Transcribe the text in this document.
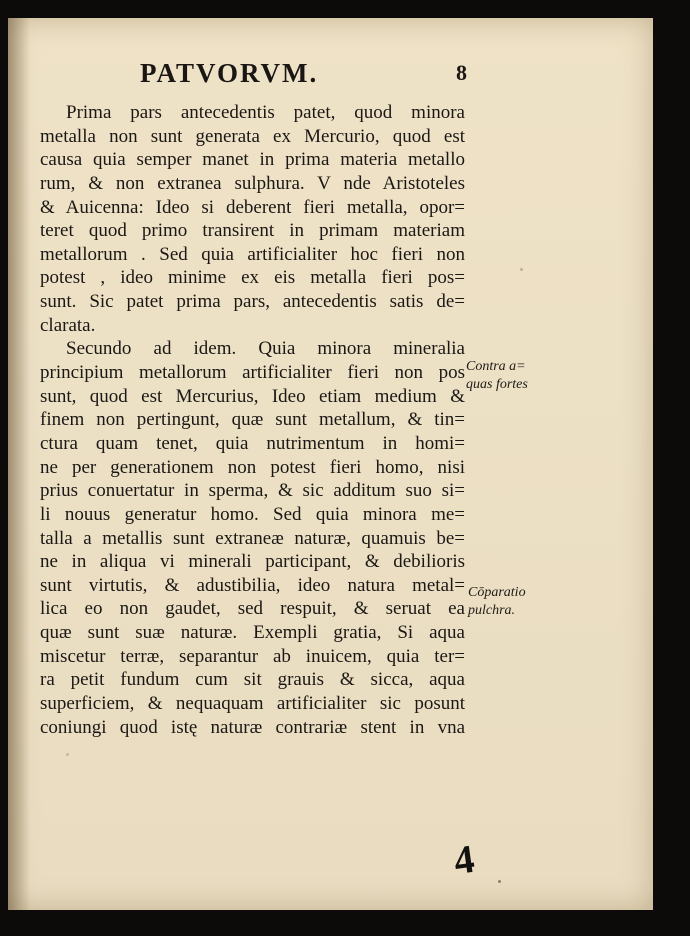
PATVORVM.	8
Prima pars antecedentis patet, quod minora
metalla non sunt generata ex Mercurio, quod est
causa quia semper manet in prima materia metallo
rum, & non extranea sulphura. V nde Aristoteles
& Auicenna: Ideo si deberent fieri metalla, opor=
teret quod primo transirent in primam materiam
metallorum . Sed quia artificialiter hoc fieri non
potest , ideo minime ex eis metalla fieri pos=
sunt. Sic patet prima pars, antecedentis satis de=
clarata.
Secundo ad idem. Quia minora mineralia
principium metallorum artificialiter fieri non pos
sunt, quod est Mercurius, Ideo etiam medium &
finem non pertingunt, quæ sunt metallum, & tin=
ctura quam tenet, quia nutrimentum in homi=
ne per generationem non potest fieri homo, nisi
prius conuertatur in sperma, & sic additum suo si=
li nouus generatur homo. Sed quia minora me=
talla a metallis sunt extraneæ naturæ, quamuis be=
ne in aliqua vi minerali participant, & debilioris
sunt virtutis, & adustibilia, ideo natura metal=
lica eo non gaudet, sed respuit, & seruat ea
quæ sunt suæ naturæ. Exempli gratia, Si aqua
miscetur terræ, separantur ab inuicem, quia ter=
ra petit fundum cum sit grauis & sicca, aqua
superficiem, & nequaquam artificialiter sic posunt
coniungi quod istę naturæ contrariæ stent in vna
Contra a=
quas fortes
Cōparatio
pulchra.
4
